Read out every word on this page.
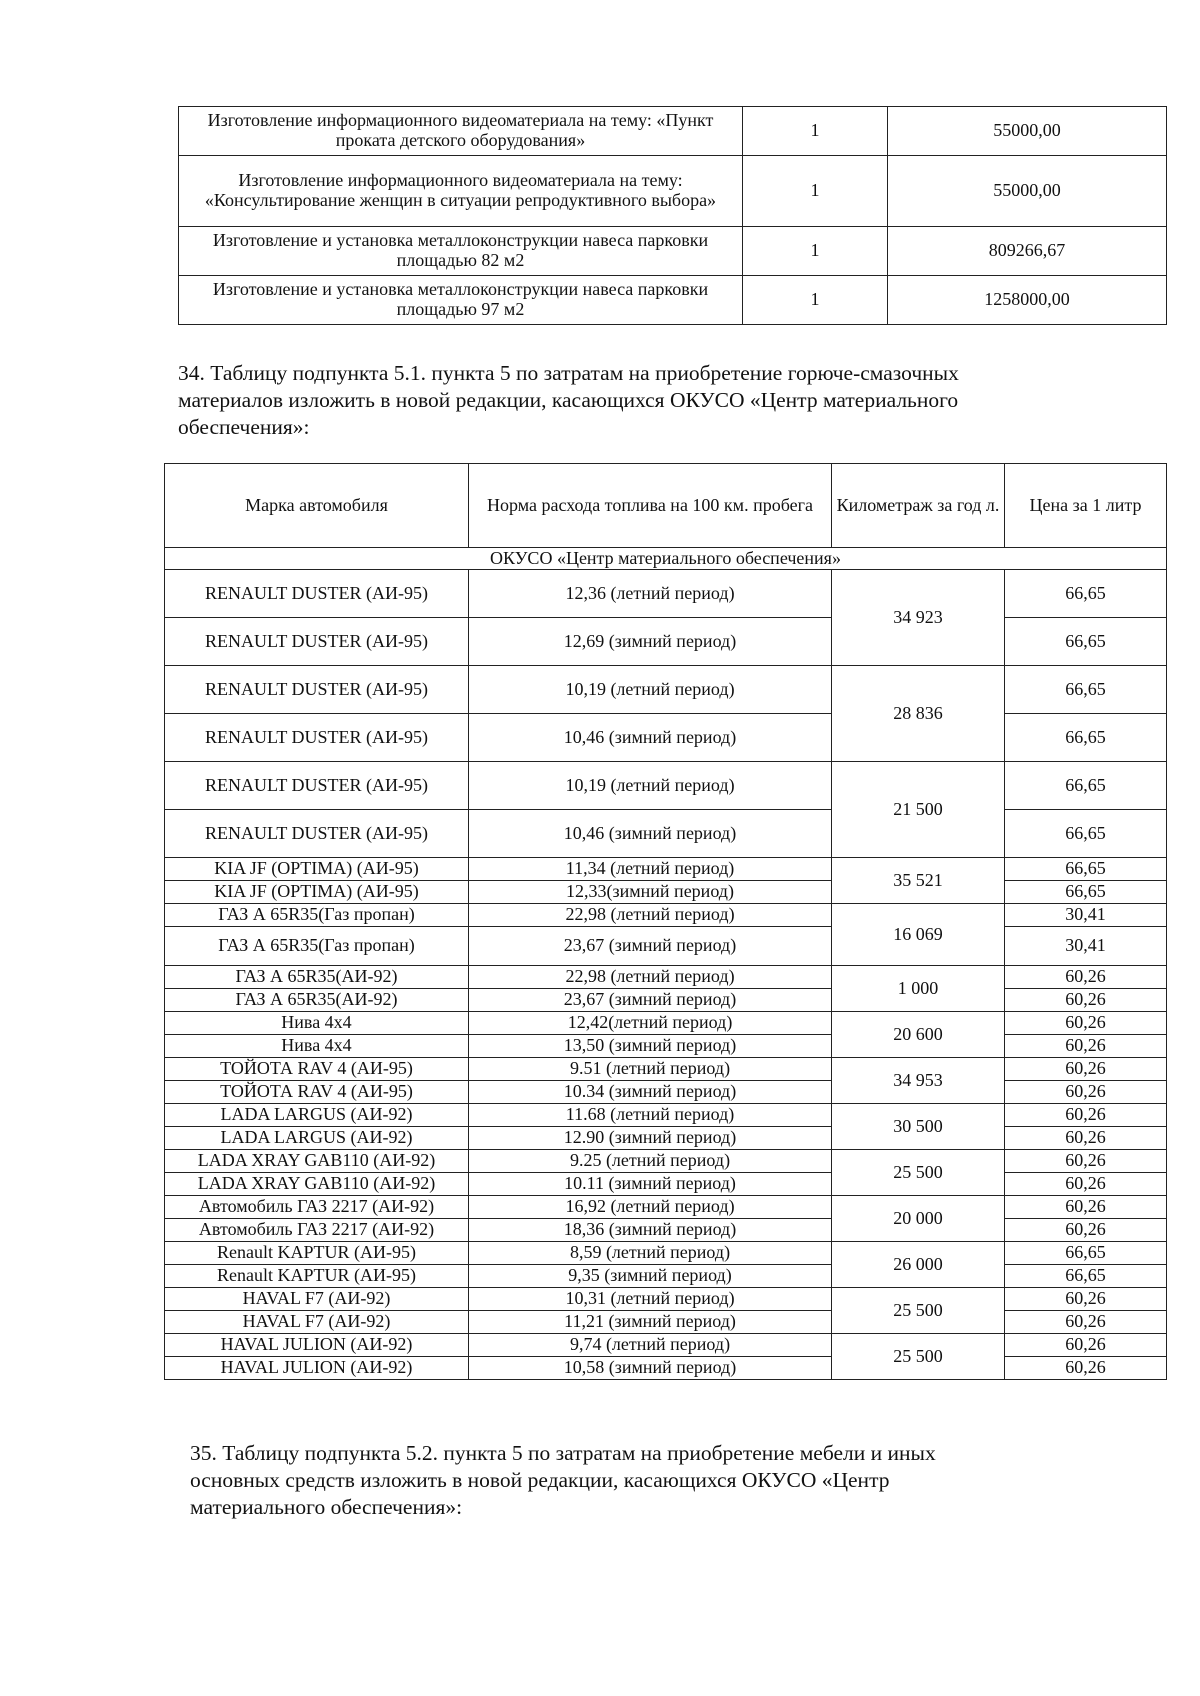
Изготовление информационного видеоматериала на тему: «Пункт проката детского оборудования»	1	55000,00
Изготовление информационного видеоматериала на тему: «Консультирование женщин в ситуации репродуктивного выбора»	1	55000,00
Изготовление и установка металлоконструкции навеса парковки площадью 82 м2	1	809266,67
Изготовление и установка металлоконструкции навеса парковки площадью 97 м2	1	1258000,00
34. Таблицу подпункта 5.1. пункта 5 по затратам на приобретение горюче-смазочных
материалов изложить в новой редакции, касающихся ОКУСО «Центр материального
обеспечения»:
Марка автомобиля	Норма расхода топлива на 100 км. пробега	Километраж за год л.	Цена за 1 литр
ОКУСО «Центр материального обеспечения»			
RENAULT DUSTER (АИ-95)	12,36 (летний период)	34 923	66,65
RENAULT DUSTER (АИ-95)	12,69 (зимний период)		66,65
RENAULT DUSTER (АИ-95)	10,19 (летний период)	28 836	66,65
RENAULT DUSTER (АИ-95)	10,46 (зимний период)		66,65
RENAULT DUSTER (АИ-95)	10,19 (летний период)	21 500	66,65
RENAULT DUSTER (АИ-95)	10,46 (зимний период)		66,65
KIA JF (OPTIMA) (АИ-95)	11,34 (летний период)	35 521	66,65
KIA JF (OPTIMA) (АИ-95)	12,33(зимний период)		66,65
ГАЗ А 65R35(Газ пропан)	22,98 (летний период)	16 069	30,41
ГАЗ А 65R35(Газ пропан)	23,67 (зимний период)		30,41
ГАЗ А 65R35(АИ-92)	22,98 (летний период)	1 000	60,26
ГАЗ А 65R35(АИ-92)	23,67 (зимний период)		60,26
Нива 4x4	12,42(летний период)	20 600	60,26
Нива 4x4	13,50 (зимний период)		60,26
ТОЙОТА RAV 4 (АИ-95)	9.51 (летний период)	34 953	60,26
ТОЙОТА RAV 4 (АИ-95)	10.34 (зимний период)		60,26
LADA LARGUS (АИ-92)	11.68 (летний период)	30 500	60,26
LADA LARGUS (АИ-92)	12.90 (зимний период)		60,26
LADA XRAY GAB110 (АИ-92)	9.25 (летний период)	25 500	60,26
LADA XRAY GAB110 (АИ-92)	10.11 (зимний период)		60,26
Автомобиль ГАЗ 2217 (АИ-92)	16,92 (летний период)	20 000	60,26
Автомобиль ГАЗ 2217 (АИ-92)	18,36 (зимний период)		60,26
Renault KAPTUR (АИ-95)	8,59 (летний период)	26 000	66,65
Renault KAPTUR (АИ-95)	9,35 (зимний период)		66,65
HAVAL F7 (АИ-92)	10,31 (летний период)	25 500	60,26
HAVAL F7 (АИ-92)	11,21 (зимний период)		60,26
HAVAL JULION (АИ-92)	9,74 (летний период)	25 500	60,26
HAVAL JULION (АИ-92)	10,58 (зимний период)		60,26
35. Таблицу подпункта 5.2. пункта 5 по затратам на приобретение мебели и иных
основных средств изложить в новой редакции, касающихся ОКУСО «Центр
материального обеспечения»:
